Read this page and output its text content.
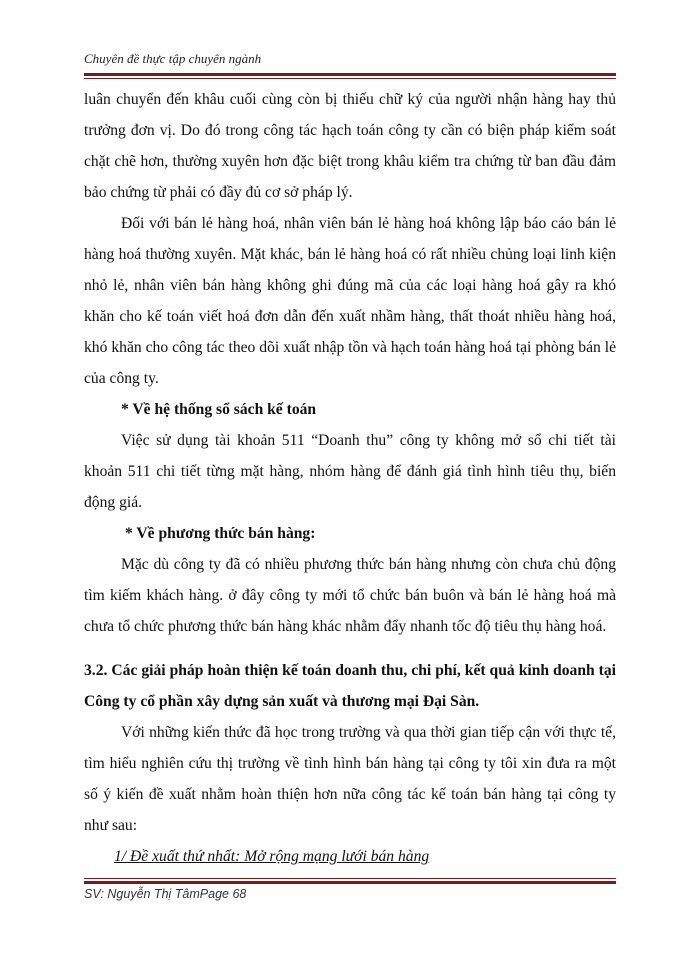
Chuyên đề thực tập chuyên ngành

luân chuyển đến khâu cuối cùng còn bị thiếu chữ ký của người nhận hàng hay thủ trưởng đơn vị. Do đó trong công tác hạch toán công ty cần có biện pháp kiểm soát chặt chẽ hơn, thường xuyên hơn đặc biệt trong khâu kiểm tra chứng từ ban đầu đảm bảo chứng từ phải có đầy đủ cơ sở pháp lý.

Đối với bán lẻ hàng hoá, nhân viên bán lẻ hàng hoá không lập báo cáo bán lẻ hàng hoá thường xuyên. Mặt khác, bán lẻ hàng hoá có rất nhiều chủng loại linh kiện nhỏ lẻ, nhân viên bán hàng không ghi đúng mã của các loại hàng hoá gây ra khó khăn cho kế toán viết hoá đơn dẫn đến xuất nhầm hàng, thất thoát nhiều hàng hoá, khó khăn cho công tác theo dõi xuất nhập tồn và hạch toán hàng hoá tại phòng bán lẻ của công ty.

* Về hệ thống sổ sách kế toán

Việc sử dụng tài khoản 511 “Doanh thu” công ty không mở sổ chi tiết tài khoản 511 chi tiết từng mặt hàng, nhóm hàng để đánh giá tình hình tiêu thụ, biến động giá.

* Về phương thức bán hàng:

Mặc dù công ty đã có nhiều phương thức bán hàng nhưng còn chưa chủ động tìm kiếm khách hàng. ở đây công ty mới tổ chức bán buôn và bán lẻ hàng hoá mà chưa tổ chức phương thức bán hàng khác nhằm đẩy nhanh tốc độ tiêu thụ hàng hoá.

3.2. Các giải pháp hoàn thiện kế toán doanh thu, chi phí, kết quả kinh doanh tại Công ty cổ phần xây dựng sản xuất và thương mại Đại Sàn.

Với những kiến thức đã học trong trường và qua thời gian tiếp cận với thực tế, tìm hiểu nghiên cứu thị trường về tình hình bán hàng tại công ty tôi xin đưa ra một số ý kiến đề xuất nhằm hoàn thiện hơn nữa công tác kế toán bán hàng tại công ty như sau:

1/ Đề xuất thứ nhất: Mở rộng mạng lưới bán hàng

SV: Nguyễn Thị TâmPage 68
